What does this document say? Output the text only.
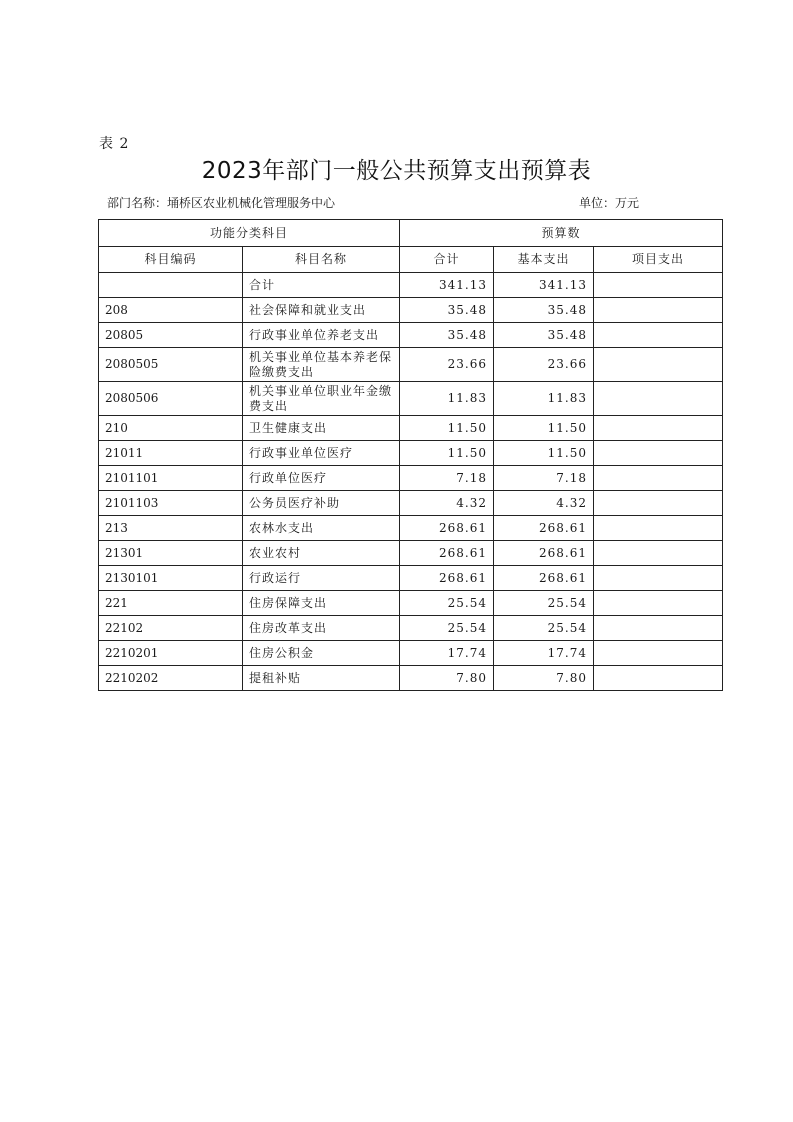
表 2
2023年部门一般公共预算支出预算表
部门名称：埇桥区农业机械化管理服务中心	单位：万元
功能分类科目		预算数		
科目编码	科目名称	合计	基本支出	项目支出
	合计	341.13	341.13	
208	社会保障和就业支出	35.48	35.48	
20805	行政事业单位养老支出	35.48	35.48	
2080505	机关事业单位基本养老保险缴费支出	23.66	23.66	
2080506	机关事业单位职业年金缴费支出	11.83	11.83	
210	卫生健康支出	11.50	11.50	
21011	行政事业单位医疗	11.50	11.50	
2101101	行政单位医疗	7.18	7.18	
2101103	公务员医疗补助	4.32	4.32	
213	农林水支出	268.61	268.61	
21301	农业农村	268.61	268.61	
2130101	行政运行	268.61	268.61	
221	住房保障支出	25.54	25.54	
22102	住房改革支出	25.54	25.54	
2210201	住房公积金	17.74	17.74	
2210202	提租补贴	7.80	7.80	
